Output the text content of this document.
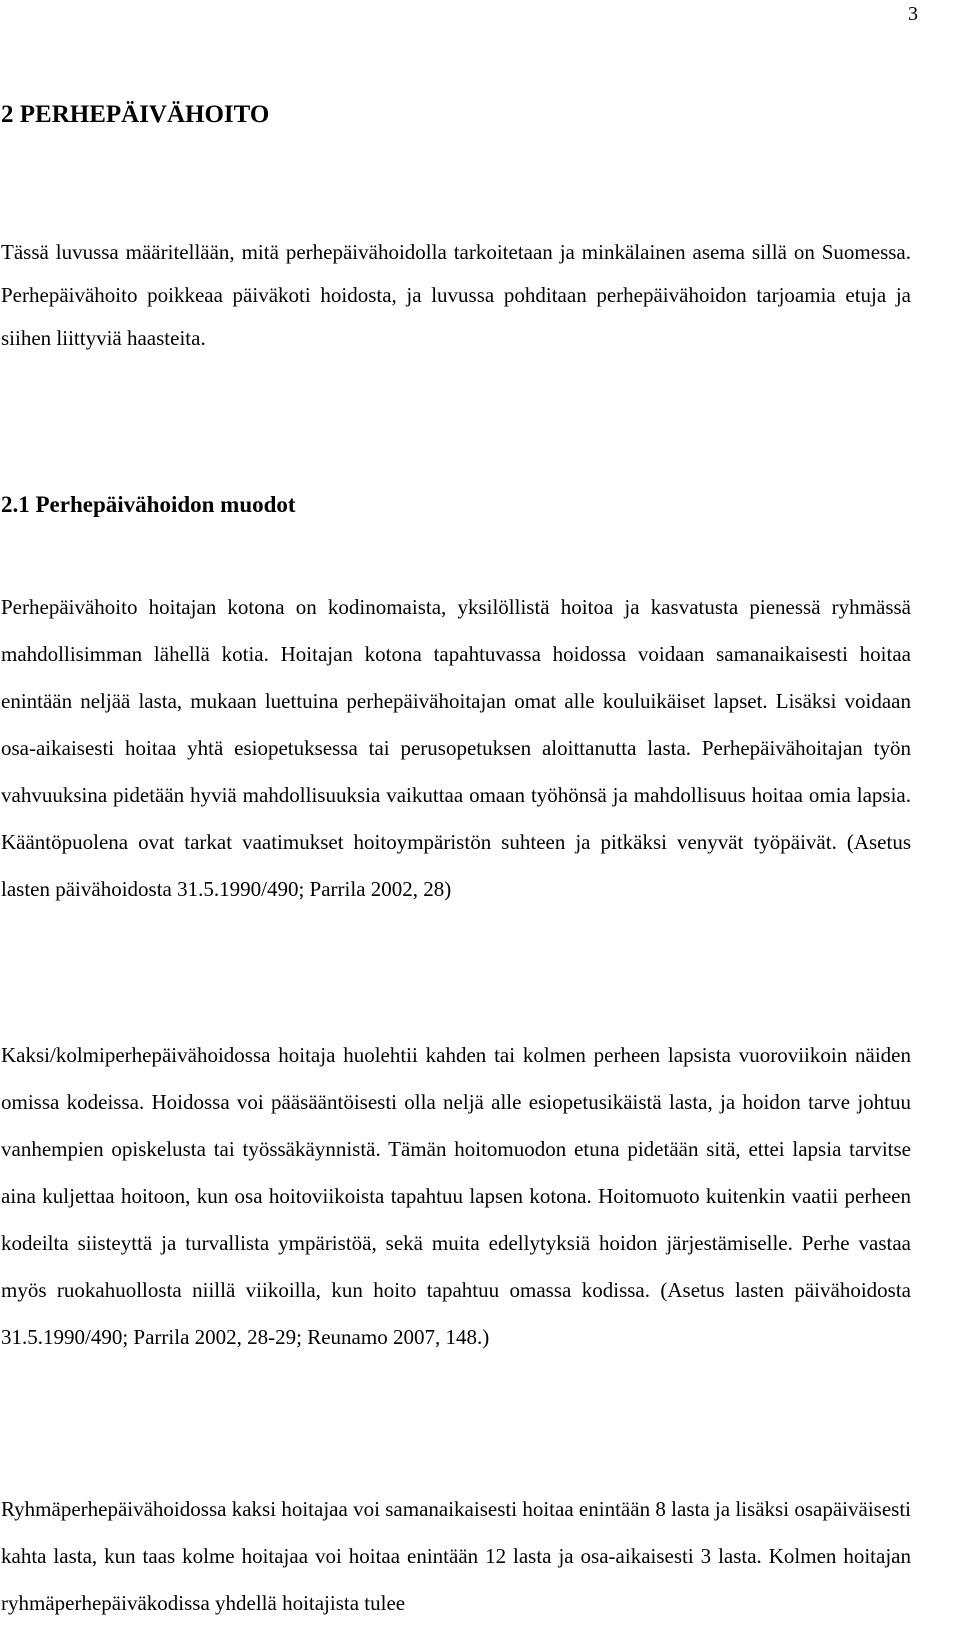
3
2 PERHEPÄIVÄHOITO

Tässä luvussa määritellään, mitä perhepäivähoidolla tarkoitetaan ja minkälainen asema sillä on Suomessa. Perhepäivähoito poikkeaa päiväkoti hoidosta, ja luvussa pohditaan perhepäivähoidon tarjoamia etuja ja siihen liittyviä haasteita.

2.1 Perhepäivähoidon muodot

Perhepäivähoito hoitajan kotona on kodinomaista, yksilöllistä hoitoa ja kasvatusta pienessä ryhmässä mahdollisimman lähellä kotia. Hoitajan kotona tapahtuvassa hoidossa voidaan samanaikaisesti hoitaa enintään neljää lasta, mukaan luettuina perhepäivähoitajan omat alle kouluikäiset lapset. Lisäksi voidaan osa-aikaisesti hoitaa yhtä esiopetuksessa tai perusopetuksen aloittanutta lasta. Perhepäivähoitajan työn vahvuuksina pidetään hyviä mahdollisuuksia vaikuttaa omaan työhönsä ja mahdollisuus hoitaa omia lapsia. Kääntöpuolena ovat tarkat vaatimukset hoitoympäristön suhteen ja pitkäksi venyvät työpäivät. (Asetus lasten päivähoidosta 31.5.1990/490; Parrila 2002, 28)

Kaksi/kolmiperhepäivähoidossa hoitaja huolehtii kahden tai kolmen perheen lapsista vuoroviikoin näiden omissa kodeissa. Hoidossa voi pääsääntöisesti olla neljä alle esiopetusikäistä lasta, ja hoidon tarve johtuu vanhempien opiskelusta tai työssäkäynnistä. Tämän hoitomuodon etuna pidetään sitä, ettei lapsia tarvitse aina kuljettaa hoitoon, kun osa hoitoviikoista tapahtuu lapsen kotona. Hoitomuoto kuitenkin vaatii perheen kodeilta siisteyttä ja turvallista ympäristöä, sekä muita edellytyksiä hoidon järjestämiselle. Perhe vastaa myös ruokahuollosta niillä viikoilla, kun hoito tapahtuu omassa kodissa. (Asetus lasten päivähoidosta 31.5.1990/490; Parrila 2002, 28-29; Reunamo 2007, 148.)

Ryhmäperhepäivähoidossa kaksi hoitajaa voi samanaikaisesti hoitaa enintään 8 lasta ja lisäksi osapäiväisesti kahta lasta, kun taas kolme hoitajaa voi hoitaa enintään 12 lasta ja osa-aikaisesti 3 lasta. Kolmen hoitajan ryhmäperhepäiväkodissa yhdellä hoitajista tulee
